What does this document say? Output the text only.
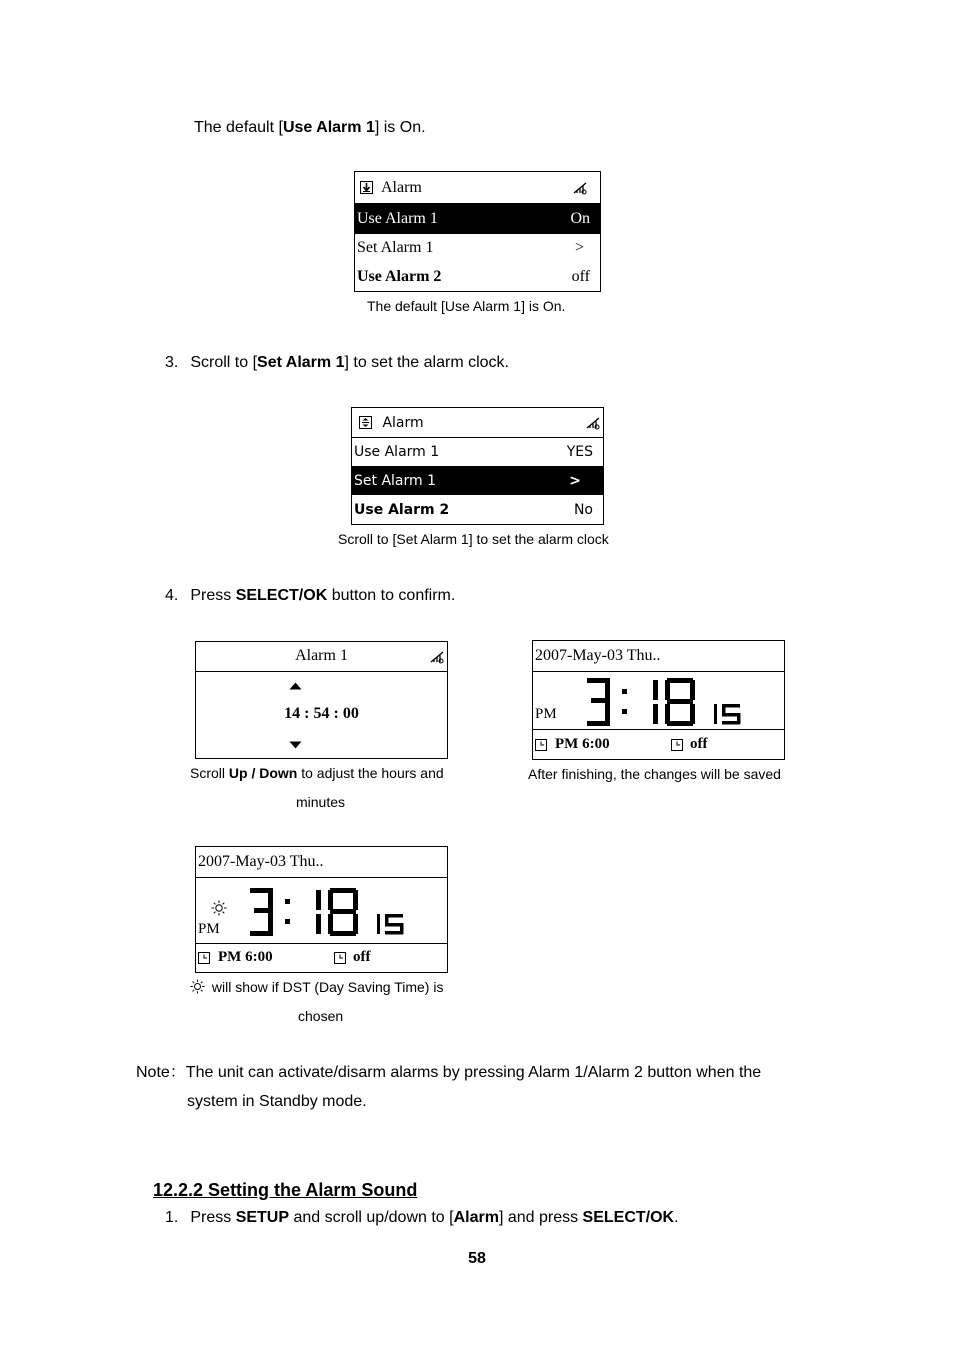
The default [Use Alarm 1] is On.
Alarm
Use Alarm 1	On
Set Alarm 1	>
Use Alarm 2	off
The default [Use Alarm 1] is On.
3. Scroll to [Set Alarm 1] to set the alarm clock.
Alarm
Use Alarm 1	YES
Set Alarm 1	>
Use Alarm 2	No
Scroll to [Set Alarm 1] to set the alarm clock
4. Press SELECT/OK button to confirm.
Alarm 1
14 : 54 : 00
Scroll Up / Down to adjust the hours and
minutes
2007-May-03 Thu..
PM
PM 6:00	off
After finishing, the changes will be saved
2007-May-03 Thu..
PM
PM 6:00	off
will show if DST (Day Saving Time) is
chosen
Note：The unit can activate/disarm alarms by pressing Alarm 1/Alarm 2 button when the
system in Standby mode.
12.2.2 Setting the Alarm Sound
1. Press SETUP and scroll up/down to [Alarm] and press SELECT/OK.
58
